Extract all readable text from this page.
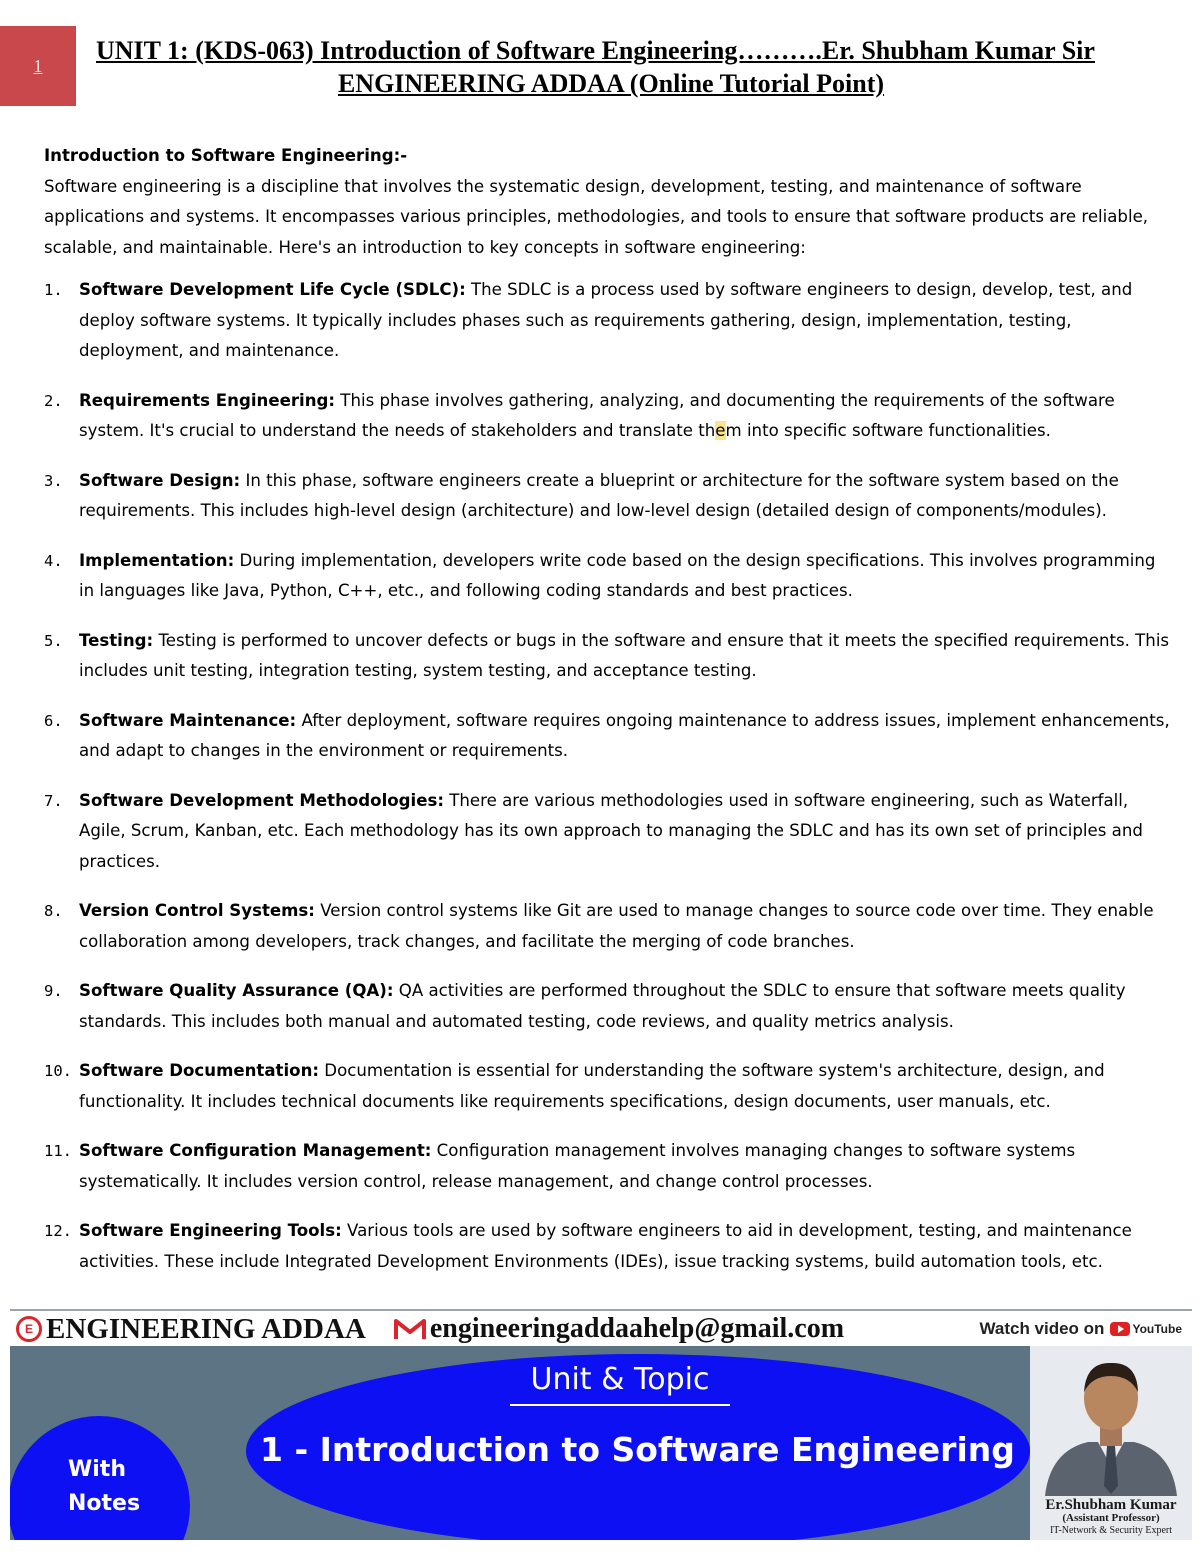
1
UNIT 1: (KDS-063) Introduction of Software Engineering……….Er. Shubham Kumar Sir
ENGINEERING ADDAA (Online Tutorial Point)

Introduction to Software Engineering:-

Software engineering is a discipline that involves the systematic design, development, testing, and maintenance of software applications and systems. It encompasses various principles, methodologies, and tools to ensure that software products are reliable, scalable, and maintainable. Here's an introduction to key concepts in software engineering:

1. Software Development Life Cycle (SDLC): The SDLC is a process used by software engineers to design, develop, test, and deploy software systems. It typically includes phases such as requirements gathering, design, implementation, testing, deployment, and maintenance.
2. Requirements Engineering: This phase involves gathering, analyzing, and documenting the requirements of the software system. It's crucial to understand the needs of stakeholders and translate them into specific software functionalities.
3. Software Design: In this phase, software engineers create a blueprint or architecture for the software system based on the requirements. This includes high-level design (architecture) and low-level design (detailed design of components/modules).
4. Implementation: During implementation, developers write code based on the design specifications. This involves programming in languages like Java, Python, C++, etc., and following coding standards and best practices.
5. Testing: Testing is performed to uncover defects or bugs in the software and ensure that it meets the specified requirements. This includes unit testing, integration testing, system testing, and acceptance testing.
6. Software Maintenance: After deployment, software requires ongoing maintenance to address issues, implement enhancements, and adapt to changes in the environment or requirements.
7. Software Development Methodologies: There are various methodologies used in software engineering, such as Waterfall, Agile, Scrum, Kanban, etc. Each methodology has its own approach to managing the SDLC and has its own set of principles and practices.
8. Version Control Systems: Version control systems like Git are used to manage changes to source code over time. They enable collaboration among developers, track changes, and facilitate the merging of code branches.
9. Software Quality Assurance (QA): QA activities are performed throughout the SDLC to ensure that software meets quality standards. This includes both manual and automated testing, code reviews, and quality metrics analysis.
10. Software Documentation: Documentation is essential for understanding the software system's architecture, design, and functionality. It includes technical documents like requirements specifications, design documents, user manuals, etc.
11. Software Configuration Management: Configuration management involves managing changes to software systems systematically. It includes version control, release management, and change control processes.
12. Software Engineering Tools: Various tools are used by software engineers to aid in development, testing, and maintenance activities. These include Integrated Development Environments (IDEs), issue tracking systems, build automation tools, etc.
E ENGINEERING ADDAA engineeringaddaahelp@gmail.com	Watch video on YouTube
Unit & Topic
1 - Introduction to Software Engineering
With
Notes	Er.Shubham Kumar
(Assistant Professor)
IT-Network & Security Expert
